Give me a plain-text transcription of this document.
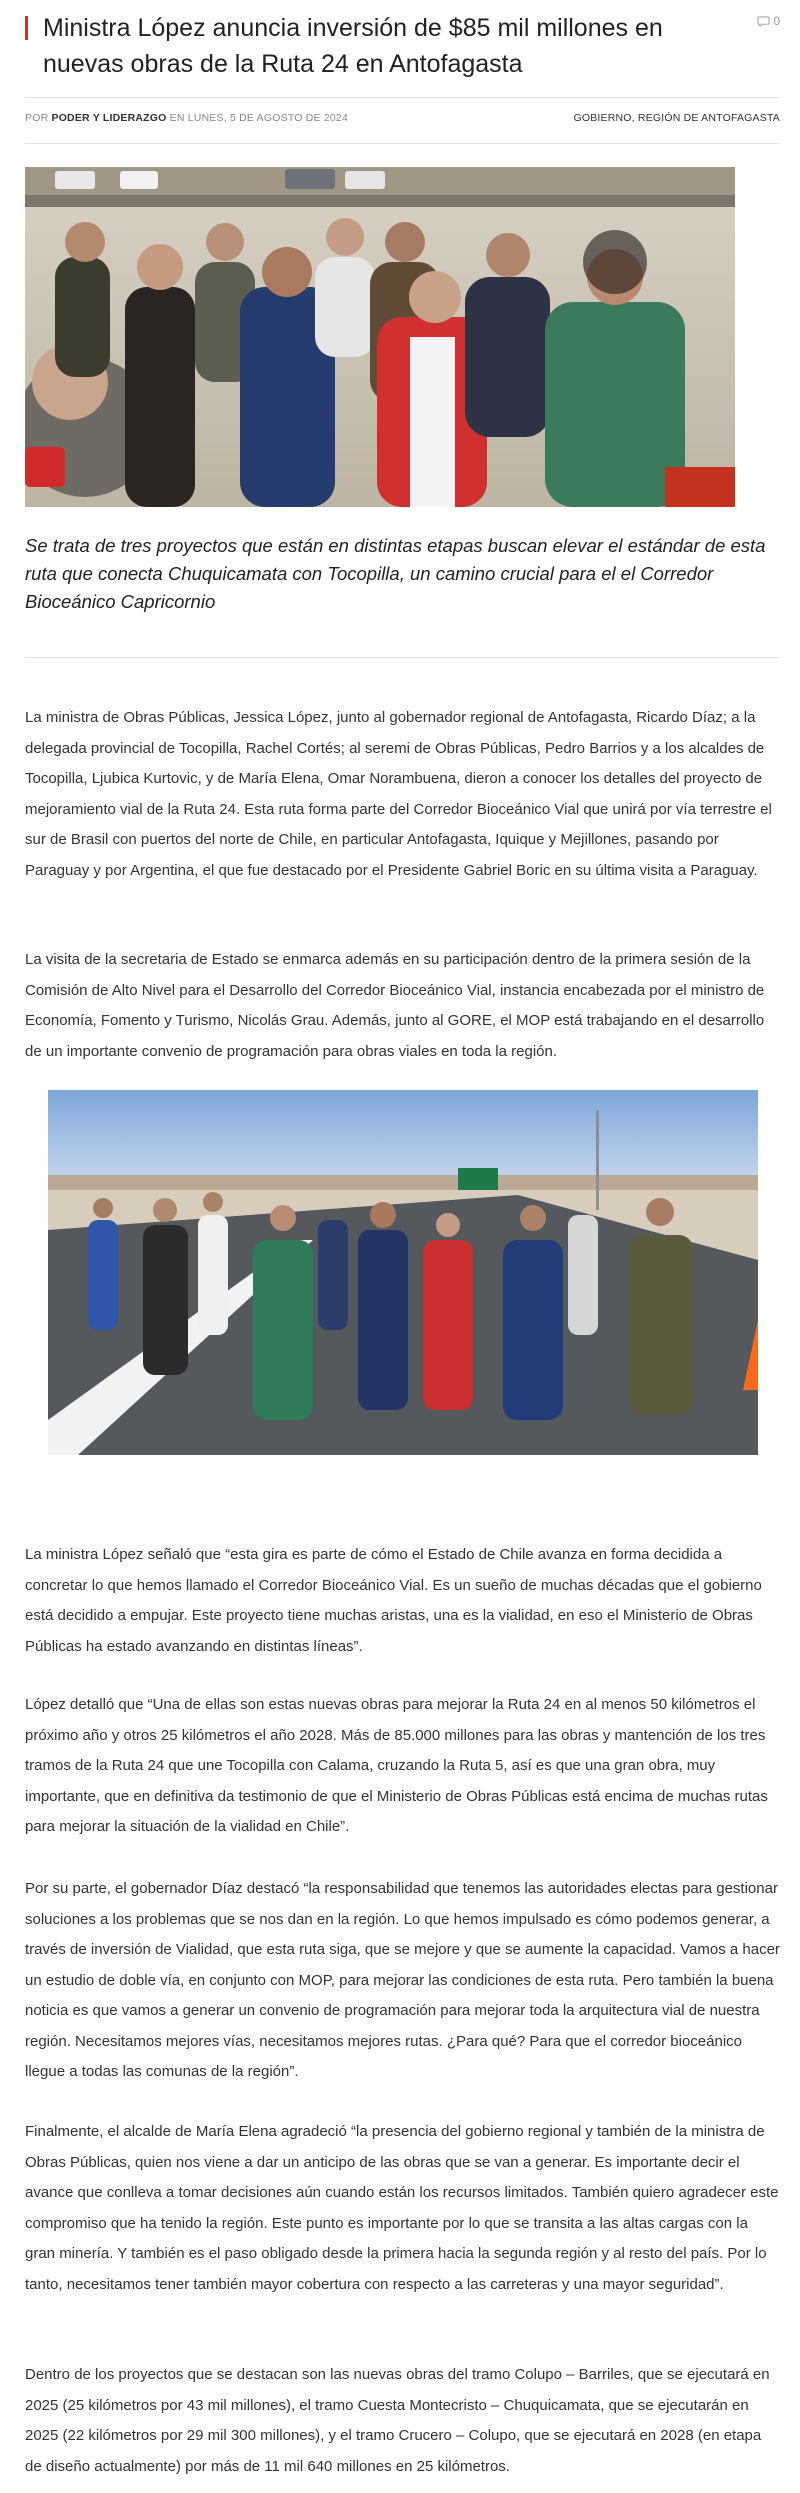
Ministra López anuncia inversión de $85 mil millones en nuevas obras de la Ruta 24 en Antofagasta
0
POR PODER Y LIDERAZGO EN LUNES, 5 DE AGOSTO DE 2024	GOBIERNO, REGIÓN DE ANTOFAGASTA

Se trata de tres proyectos que están en distintas etapas buscan elevar el estándar de esta ruta que conecta Chuquicamata con Tocopilla, un camino crucial para el el Corredor Bioceánico Capricornio

La ministra de Obras Públicas, Jessica López, junto al gobernador regional de Antofagasta, Ricardo Díaz; a la delegada provincial de Tocopilla, Rachel Cortés; al seremi de Obras Públicas, Pedro Barrios y a los alcaldes de Tocopilla, Ljubica Kurtovic, y de María Elena, Omar Norambuena, dieron a conocer los detalles del proyecto de mejoramiento vial de la Ruta 24. Esta ruta forma parte del Corredor Bioceánico Vial que unirá por vía terrestre el sur de Brasil con puertos del norte de Chile, en particular Antofagasta, Iquique y Mejillones, pasando por Paraguay y por Argentina, el que fue destacado por el Presidente Gabriel Boric en su última visita a Paraguay.

La visita de la secretaria de Estado se enmarca además en su participación dentro de la primera sesión de la Comisión de Alto Nivel para el Desarrollo del Corredor Bioceánico Vial, instancia encabezada por el ministro de Economía, Fomento y Turismo, Nicolás Grau. Además, junto al GORE, el MOP está trabajando en el desarrollo de un importante convenio de programación para obras viales en toda la región.

La ministra López señaló que “esta gira es parte de cómo el Estado de Chile avanza en forma decidida a concretar lo que hemos llamado el Corredor Bioceánico Vial. Es un sueño de muchas décadas que el gobierno está decidido a empujar. Este proyecto tiene muchas aristas, una es la vialidad, en eso el Ministerio de Obras Públicas ha estado avanzando en distintas líneas”.

López detalló que “Una de ellas son estas nuevas obras para mejorar la Ruta 24 en al menos 50 kilómetros el próximo año y otros 25 kilómetros el año 2028. Más de 85.000 millones para las obras y mantención de los tres tramos de la Ruta 24 que une Tocopilla con Calama, cruzando la Ruta 5, así es que una gran obra, muy importante, que en definitiva da testimonio de que el Ministerio de Obras Públicas está encima de muchas rutas para mejorar la situación de la vialidad en Chile”.

Por su parte, el gobernador Díaz destacó “la responsabilidad que tenemos las autoridades electas para gestionar soluciones a los problemas que se nos dan en la región. Lo que hemos impulsado es cómo podemos generar, a través de inversión de Vialidad, que esta ruta siga, que se mejore y que se aumente la capacidad. Vamos a hacer un estudio de doble vía, en conjunto con MOP, para mejorar las condiciones de esta ruta. Pero también la buena noticia es que vamos a generar un convenio de programación para mejorar toda la arquitectura vial de nuestra región. Necesitamos mejores vías, necesitamos mejores rutas. ¿Para qué? Para que el corredor bioceánico llegue a todas las comunas de la región”.

Finalmente, el alcalde de María Elena agradeció “la presencia del gobierno regional y también de la ministra de Obras Públicas, quien nos viene a dar un anticipo de las obras que se van a generar. Es importante decir el avance que conlleva a tomar decisiones aún cuando están los recursos limitados. También quiero agradecer este compromiso que ha tenido la región. Este punto es importante por lo que se transita a las altas cargas con la gran minería. Y también es el paso obligado desde la primera hacia la segunda región y al resto del país. Por lo tanto, necesitamos tener también mayor cobertura con respecto a las carreteras y una mayor seguridad”.

Dentro de los proyectos que se destacan son las nuevas obras del tramo Colupo – Barriles, que se ejecutará en 2025 (25 kilómetros por 43 mil millones), el tramo Cuesta Montecristo – Chuquicamata, que se ejecutarán en 2025 (22 kilómetros por 29 mil 300 millones), y el tramo Crucero – Colupo, que se ejecutará en 2028 (en etapa de diseño actualmente) por más de 11 mil 640 millones en 25 kilómetros.
